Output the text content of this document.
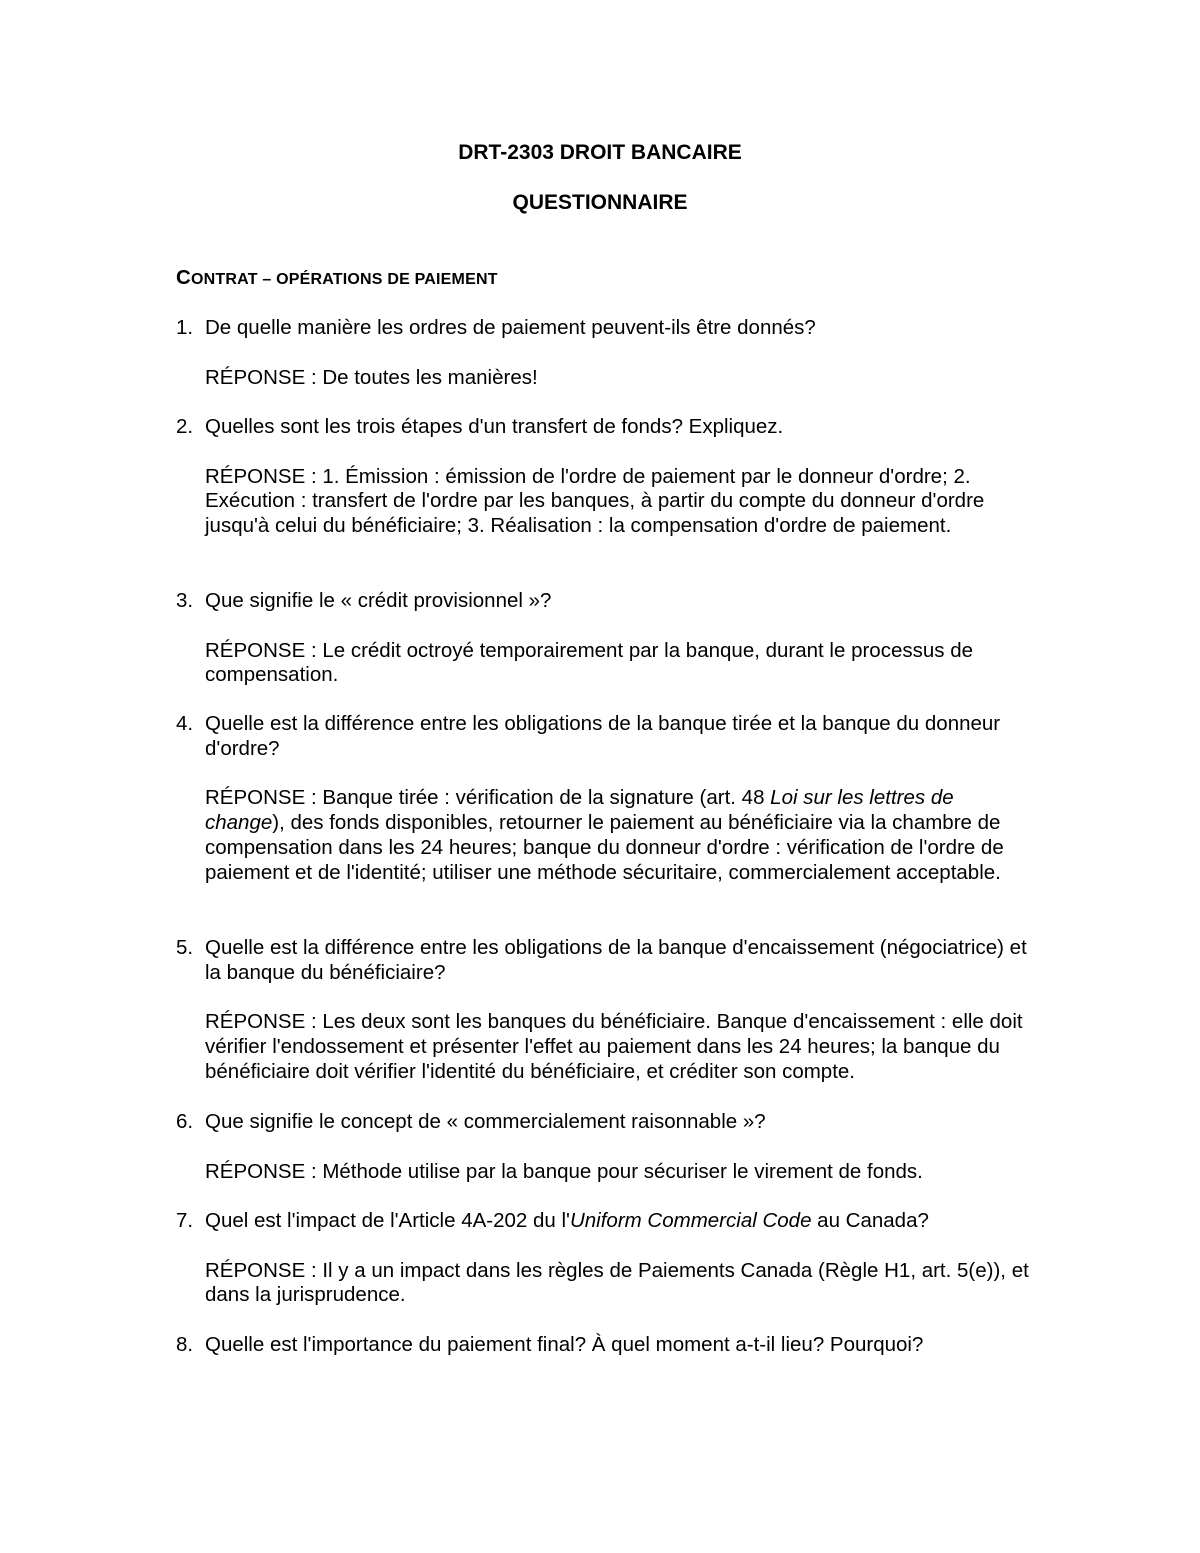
DRT-2303 DROIT BANCAIRE
QUESTIONNAIRE
CONTRAT – OPÉRATIONS DE PAIEMENT
1. De quelle manière les ordres de paiement peuvent-ils être donnés?
RÉPONSE : De toutes les manières!
2. Quelles sont les trois étapes d'un transfert de fonds? Expliquez.
RÉPONSE : 1. Émission : émission de l'ordre de paiement par le donneur d'ordre; 2. Exécution : transfert de l'ordre par les banques, à partir du compte du donneur d'ordre jusqu'à celui du bénéficiaire; 3. Réalisation : la compensation d'ordre de paiement.
3. Que signifie le « crédit provisionnel »?
RÉPONSE : Le crédit octroyé temporairement par la banque, durant le processus de compensation.
4. Quelle est la différence entre les obligations de la banque tirée et la banque du donneur d'ordre?
RÉPONSE : Banque tirée : vérification de la signature (art. 48 Loi sur les lettres de change), des fonds disponibles, retourner le paiement au bénéficiaire via la chambre de compensation dans les 24 heures; banque du donneur d'ordre : vérification de l'ordre de paiement et de l'identité; utiliser une méthode sécuritaire, commercialement acceptable.
5. Quelle est la différence entre les obligations de la banque d'encaissement (négociatrice) et la banque du bénéficiaire?
RÉPONSE : Les deux sont les banques du bénéficiaire. Banque d'encaissement : elle doit vérifier l'endossement et présenter l'effet au paiement dans les 24 heures; la banque du bénéficiaire doit vérifier l'identité du bénéficiaire, et créditer son compte.
6. Que signifie le concept de « commercialement raisonnable »?
RÉPONSE : Méthode utilise par la banque pour sécuriser le virement de fonds.
7. Quel est l'impact de l'Article 4A-202 du l'Uniform Commercial Code au Canada?
RÉPONSE : Il y a un impact dans les règles de Paiements Canada (Règle H1, art. 5(e)), et dans la jurisprudence.
8. Quelle est l'importance du paiement final? À quel moment a-t-il lieu? Pourquoi?
